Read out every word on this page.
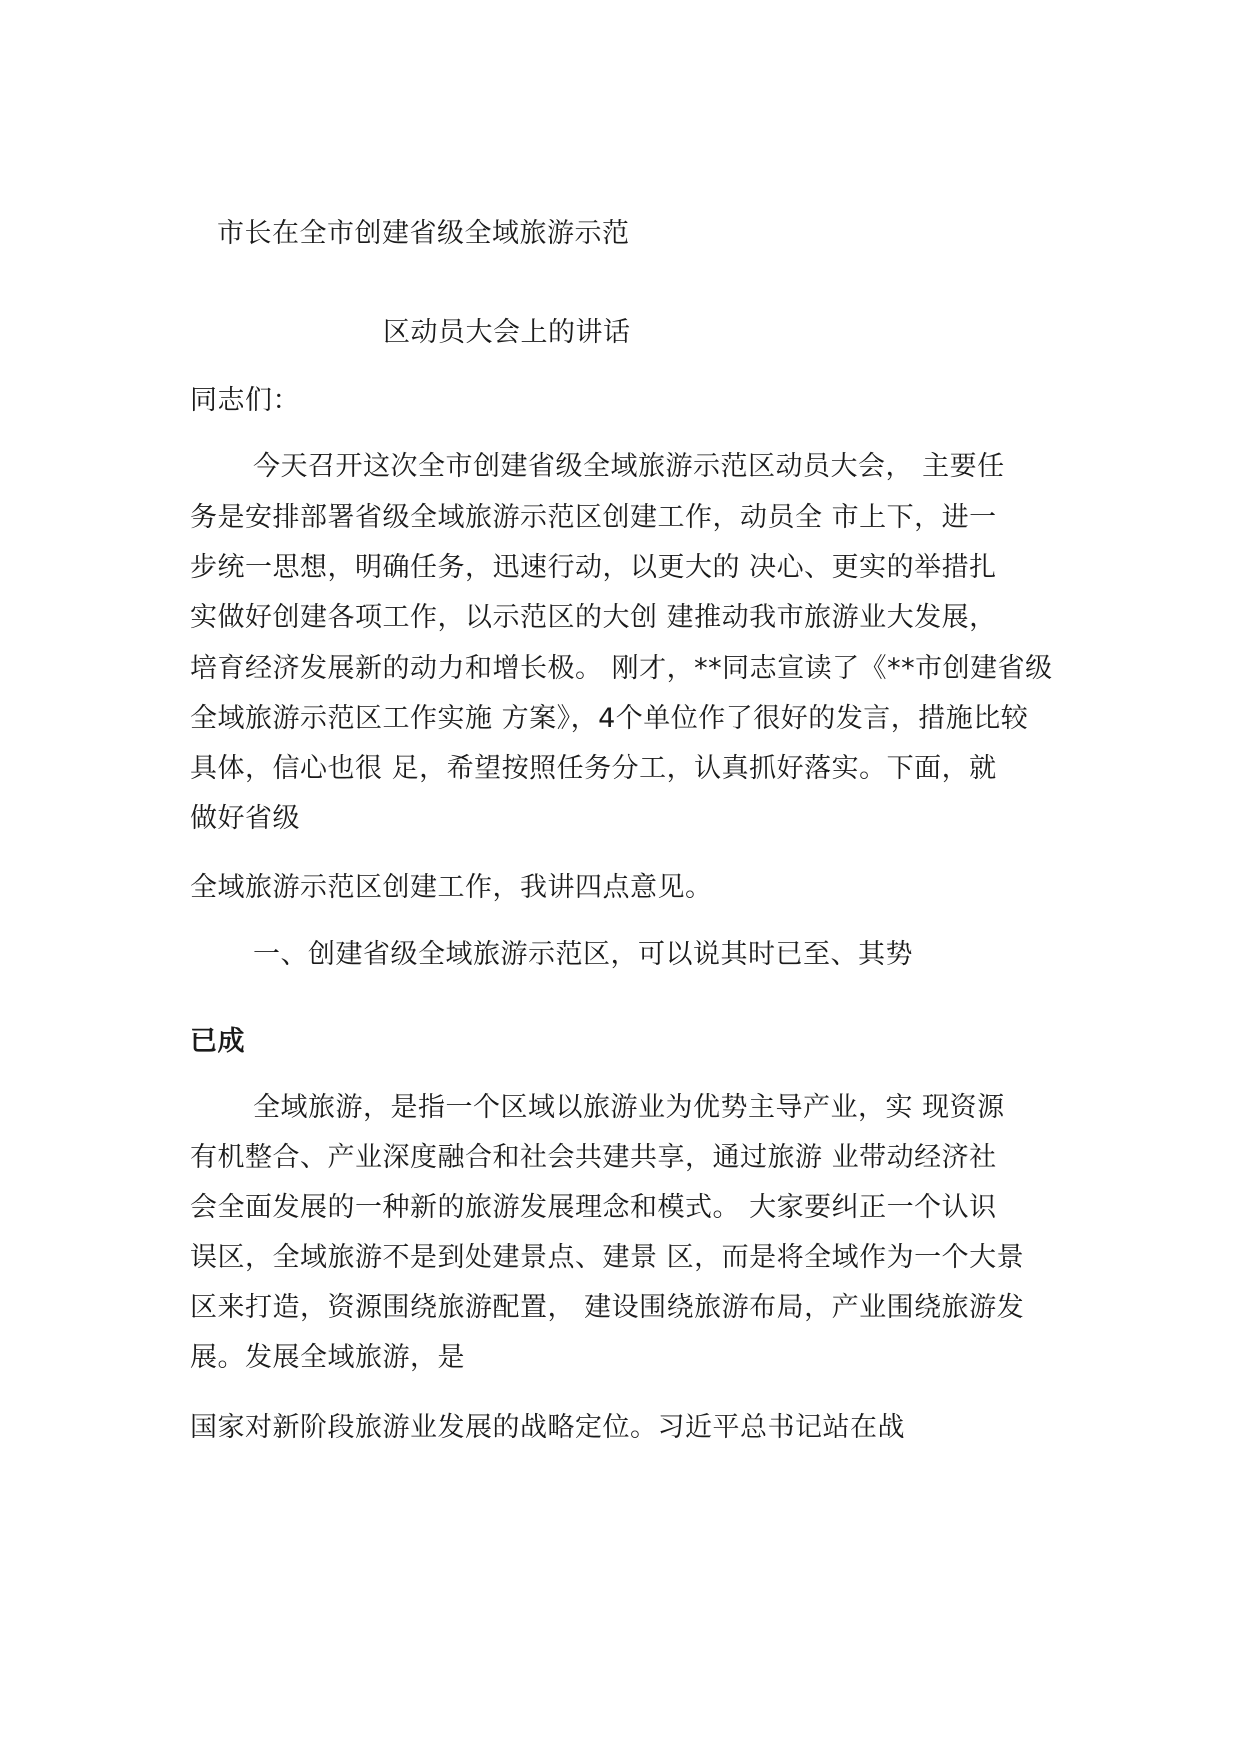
市长在全市创建省级全域旅游示范

区动员大会上的讲话

同志们：

今天召开这次全市创建省级全域旅游示范区动员大会， 主要任

务是安排部署省级全域旅游示范区创建工作，动员全 市上下，进一

步统一思想，明确任务，迅速行动，以更大的 决心、更实的举措扎

实做好创建各项工作，以示范区的大创 建推动我市旅游业大发展，

培育经济发展新的动力和增长极。 刚才，**同志宣读了《**市创建省级

全域旅游示范区工作实施 方案》，4个单位作了很好的发言，措施比较

具体，信心也很 足，希望按照任务分工，认真抓好落实。下面，就

做好省级

全域旅游示范区创建工作，我讲四点意见。

一、创建省级全域旅游示范区，可以说其时已至、其势

已成

全域旅游，是指一个区域以旅游业为优势主导产业，实 现资源

有机整合、产业深度融合和社会共建共享，通过旅游 业带动经济社

会全面发展的一种新的旅游发展理念和模式。 大家要纠正一个认识

误区，全域旅游不是到处建景点、建景 区，而是将全域作为一个大景

区来打造，资源围绕旅游配置， 建设围绕旅游布局，产业围绕旅游发

展。发展全域旅游，是

国家对新阶段旅游业发展的战略定位。习近平总书记站在战
